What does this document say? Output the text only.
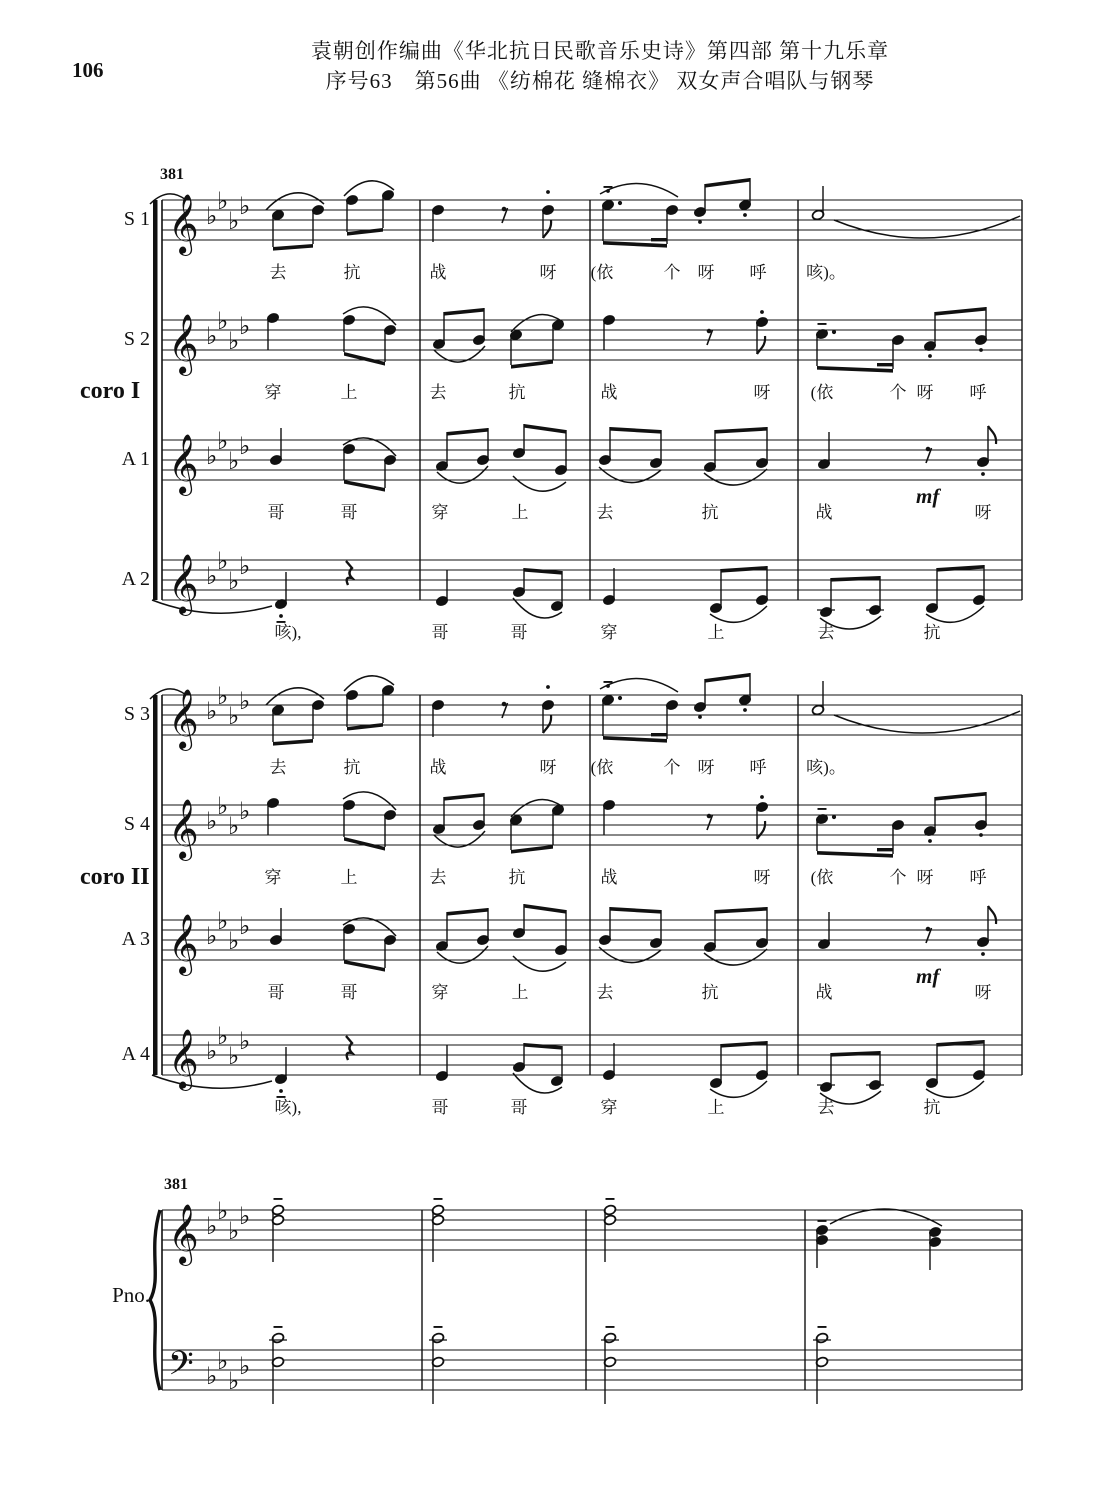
106
袁朝创作编曲《华北抗日民歌音乐史诗》第四部 第十九乐章
序号63　第56曲 《纺棉花 缝棉衣》 双女声合唱队与钢琴
𝄞 ♭
♭
♭
♭
𝄞 ♭
♭
♭
♭
𝄞 ♭
♭
♭
♭
𝄞 ♭
♭
♭
♭
𝄞 ♭
♭
♭
♭
𝄞 ♭
♭
♭
♭
𝄞 ♭
♭
♭
♭
𝄞 ♭
♭
♭
♭
𝄞 ♭
♭
♭
♭
𝄢 ♭
♭
♭
♭
S 1
去	抗	战	呀	(依	个	呀	呼	咳)。
S 2
穿	上	去	抗	战	呀	(依	个 呀	呼
A 1
哥	哥	穿	上	去	抗	战	呀
mf
A 2
咳),	哥	哥	穿	上	去	抗
S 3
去	抗	战	呀	(依	个	呀	呼	咳)。
S 4
穿	上	去	抗	战	呀	(依	个 呀	呼
A 3
哥	哥	穿	上	去	抗	战	呀
mf
A 4
咳),	哥	哥	穿	上	去	抗
Pno.
coro I
coro II
381
381
